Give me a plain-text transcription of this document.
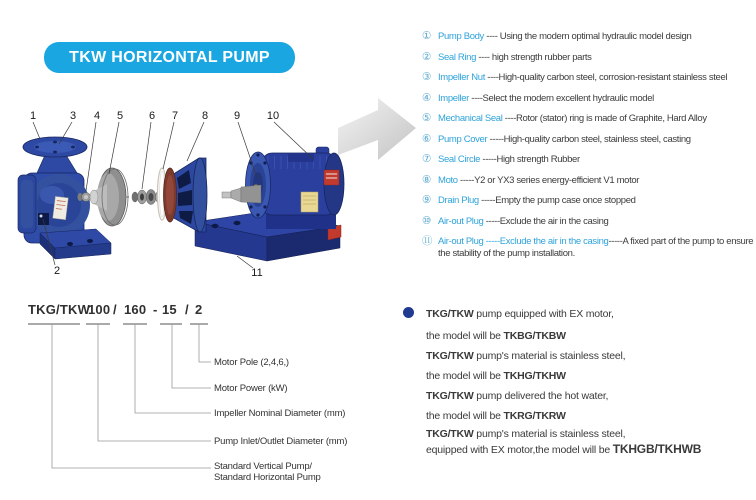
TKW HORIZONTAL PUMP
1
2
3 4 5 6 7 8 9 10
11
① Pump Body ---- Using the modern optimal hydraulic model design
② Seal Ring ---- high strength rubber parts
③ Impeller Nut ----High-quality carbon steel, corrosion-resistant stainless steel
④ Impeller ----Select the modern excellent hydraulic model
⑤ Mechanical Seal ----Rotor (stator) ring is made of Graphite, Hard Alloy
⑥ Pump Cover -----High-quality carbon steel, stainless steel, casting
⑦ Seal Circle -----High strength Rubber
⑧ Moto -----Y2 or YX3 series energy-efficient V1 motor
⑨ Drain Plug -----Empty the pump case once stopped
⑩ Air-out Plug -----Exclude the air in the casing
⑪ Air-out Plug -----Exclude the air in the casing-----A fixed part of the pump to ensure the stability of the pump installation.
TKG/TKW
100 / 160 - 15 / 2
Motor Pole (2,4,6,)
Motor Power (kW)
Impeller Nominal Diameter (mm)
Pump Inlet/Outlet Diameter (mm)
Standard Vertical Pump/
Standard Horizontal Pump
TKG/TKW pump equipped with EX motor,
the model will be TKBG/TKBW
TKG/TKW pump's material is stainless steel,
the model will be TKHG/TKHW
TKG/TKW pump delivered the hot water,
the model will be TKRG/TKRW
TKG/TKW pump's material is stainless steel,
equipped with EX motor,the model will be TKHGB/TKHWB
